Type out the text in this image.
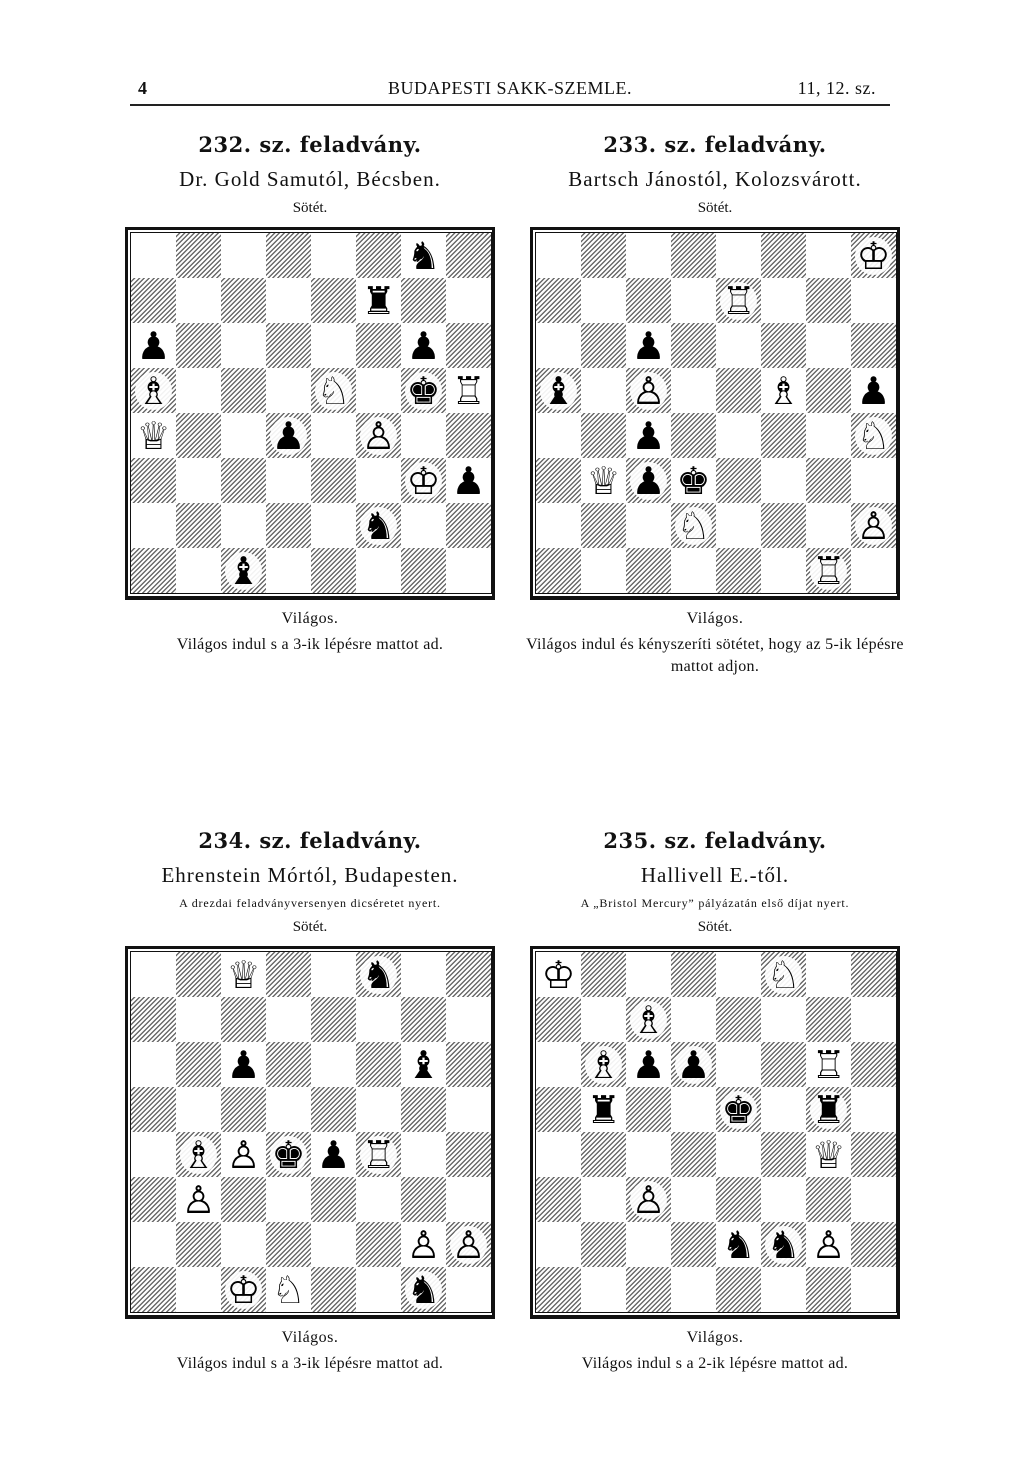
4	BUDAPESTI SAKK-SZEMLE.	11, 12. sz.
232. sz. feladvány.
Dr. Gold Samutól, Bécsben.
Sötét.
♞
♜
♟	♟
♗	♘ ♚ ♖
♕	♟ ♙
♔ ♟
♞
♝
Világos.
Világos indul s a 3-ik lépésre mattot ad.
233. sz. feladvány.
Bartsch Jánostól, Kolozsvárott.
Sötét.
♔
♖
♟
♝ ♙	♗ ♟
♟	♘
♕ ♟ ♚
♘	♙
♖
Világos.
Világos indul és kényszeríti sötétet, hogy az 5-ik lépésre mattot adjon.
234. sz. feladvány.
Ehrenstein Mórtól, Budapesten.
A drezdai feladványversenyen dicséretet nyert.
Sötét.
♕	♞
♟	♝
♗ ♙ ♚ ♟ ♖
♙
♙ ♙
♔ ♘	♞
Világos.
Világos indul s a 3-ik lépésre mattot ad.
235. sz. feladvány.
Hallivell E.-től.
A „Bristol Mercury” pályázatán első díjat nyert.
Sötét.
♔	♘
♗
♗ ♟ ♟	♖
♜	♚ ♜
♕
♙
♞ ♞ ♙
Világos.
Világos indul s a 2-ik lépésre mattot ad.
